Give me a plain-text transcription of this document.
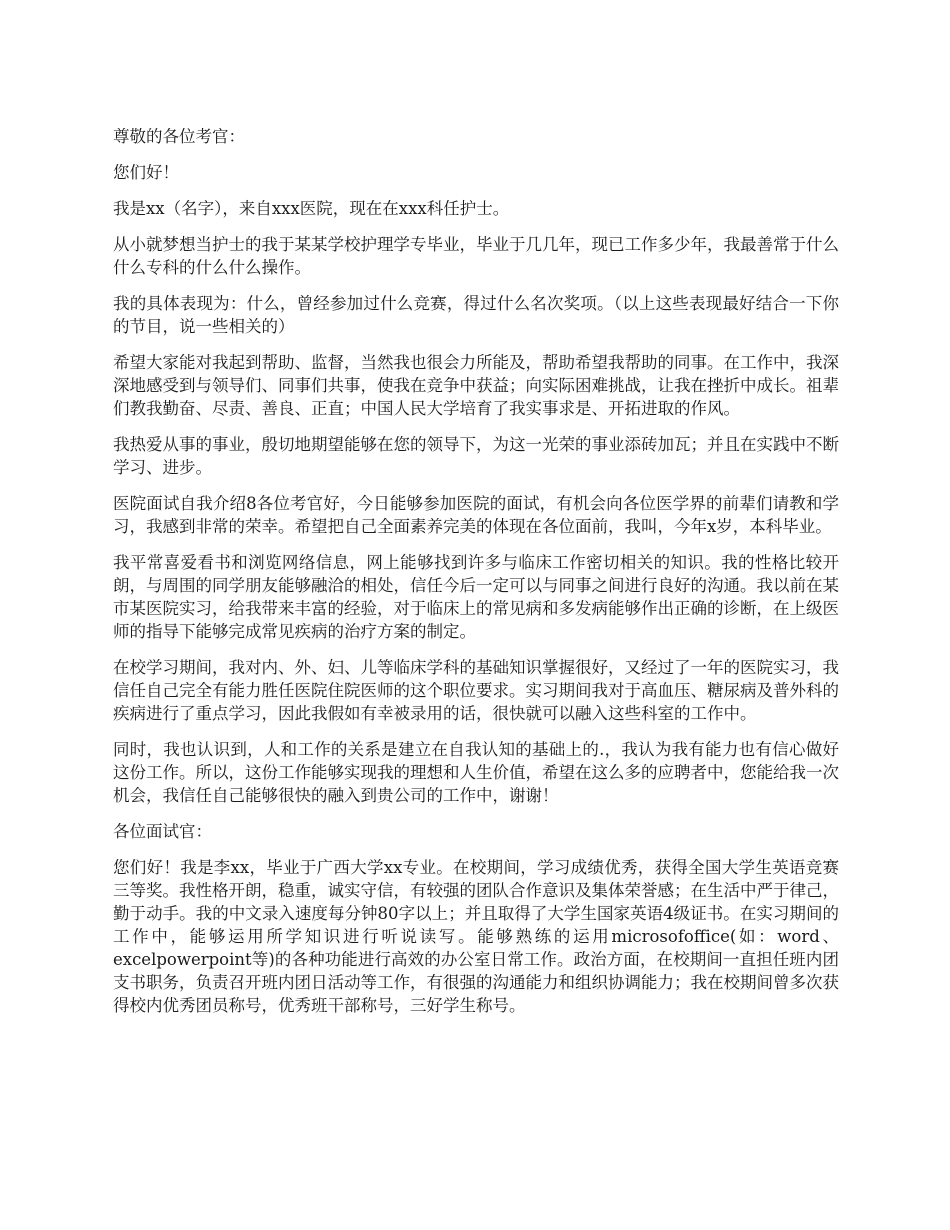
尊敬的各位考官：

您们好！

我是xx（名字），来自xxx医院，现在在xxx科任护士。

从小就梦想当护士的我于某某学校护理学专毕业，毕业于几几年，现已工作多少年，我最善常于什么什么专科的什么什么操作。

我的具体表现为：什么，曾经参加过什么竞赛，得过什么名次奖项。（以上这些表现最好结合一下你的节目，说一些相关的）

希望大家能对我起到帮助、监督，当然我也很会力所能及，帮助希望我帮助的同事。在工作中，我深深地感受到与领导们、同事们共事，使我在竞争中获益；向实际困难挑战，让我在挫折中成长。祖辈们教我勤奋、尽责、善良、正直；中国人民大学培育了我实事求是、开拓进取的作风。

我热爱从事的事业，殷切地期望能够在您的领导下，为这一光荣的事业添砖加瓦；并且在实践中不断学习、进步。

医院面试自我介绍8各位考官好，今日能够参加医院的面试，有机会向各位医学界的前辈们请教和学习，我感到非常的荣幸。希望把自己全面素养完美的体现在各位面前，我叫，今年x岁，本科毕业。

我平常喜爱看书和浏览网络信息，网上能够找到许多与临床工作密切相关的知识。我的性格比较开朗，与周围的同学朋友能够融洽的相处，信任今后一定可以与同事之间进行良好的沟通。我以前在某市某医院实习，给我带来丰富的经验，对于临床上的常见病和多发病能够作出正确的诊断，在上级医师的指导下能够完成常见疾病的治疗方案的制定。

在校学习期间，我对内、外、妇、儿等临床学科的基础知识掌握很好，又经过了一年的医院实习，我信任自己完全有能力胜任医院住院医师的这个职位要求。实习期间我对于高血压、糖尿病及普外科的疾病进行了重点学习，因此我假如有幸被录用的话，很快就可以融入这些科室的工作中。

同时，我也认识到，人和工作的关系是建立在自我认知的基础上的.，我认为我有能力也有信心做好这份工作。所以，这份工作能够实现我的理想和人生价值，希望在这么多的应聘者中，您能给我一次机会，我信任自己能够很快的融入到贵公司的工作中，谢谢！

各位面试官：

您们好！我是李xx，毕业于广西大学xx专业。在校期间，学习成绩优秀，获得全国大学生英语竞赛三等奖。我性格开朗，稳重，诚实守信，有较强的团队合作意识及集体荣誉感；在生活中严于律己，勤于动手。我的中文录入速度每分钟80字以上；并且取得了大学生国家英语4级证书。在实习期间的工作中，能够运用所学知识进行听说读写。能够熟练的运用microsofoffice(如：word、excelpowerpoint等)的各种功能进行高效的办公室日常工作。政治方面，在校期间一直担任班内团支书职务，负责召开班内团日活动等工作，有很强的沟通能力和组织协调能力；我在校期间曾多次获得校内优秀团员称号，优秀班干部称号，三好学生称号。
